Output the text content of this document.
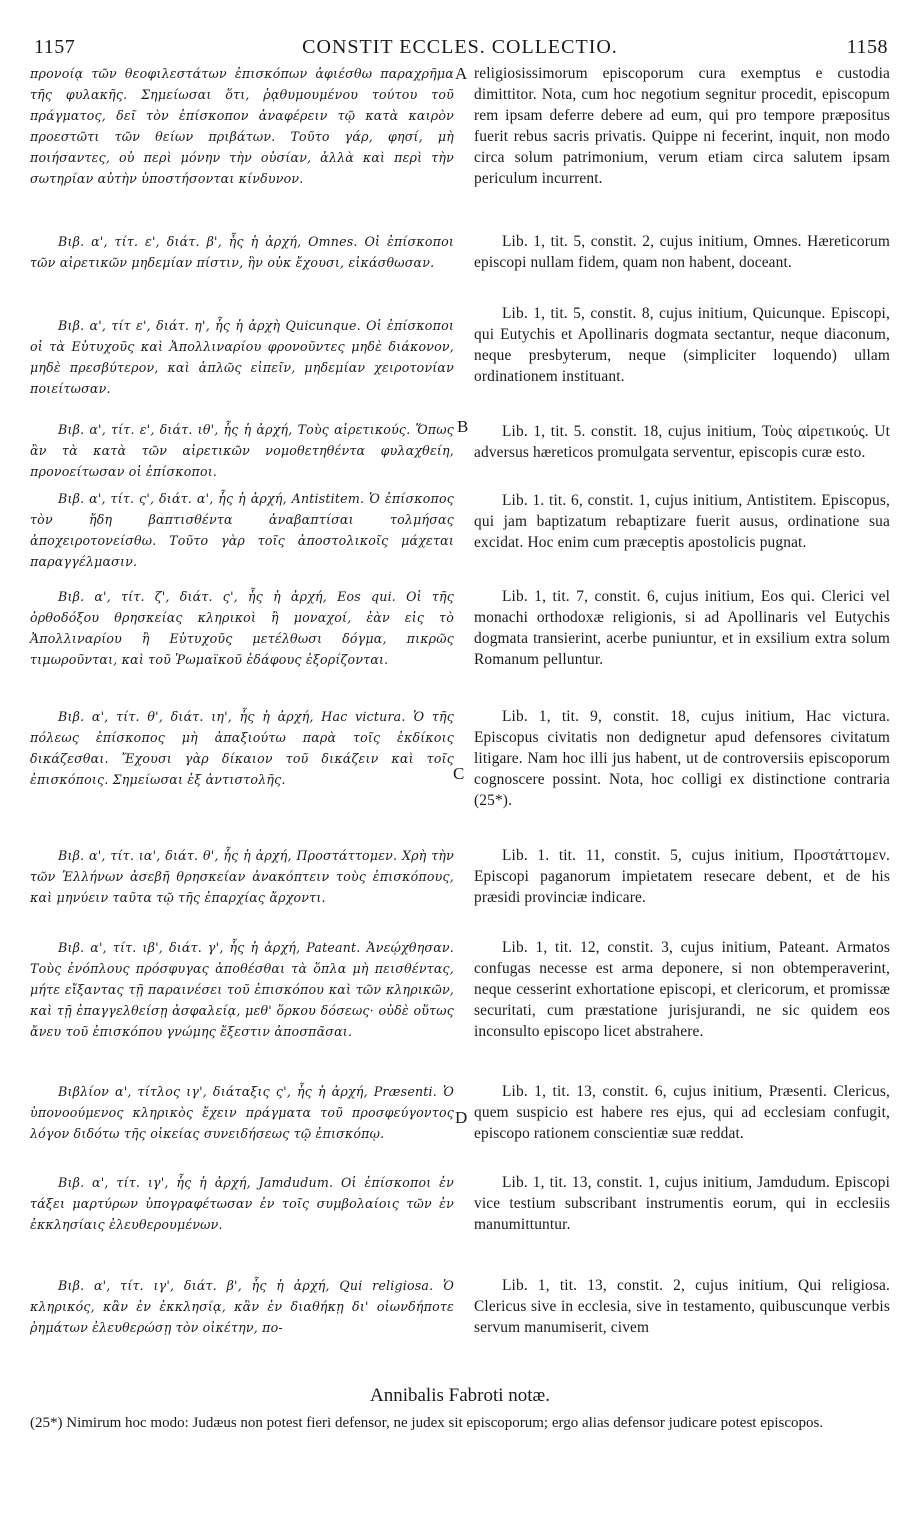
1157	CONSTIT ECCLES. COLLECTIO.	1158

προνοίᾳ τῶν θεοφιλεστάτων ἐπισκόπων ἀφιέσθω παραχρῆμα τῆς φυλακῆς. Σημείωσαι ὅτι, ῥᾳθυμουμένου τούτου τοῦ πράγματος, δεῖ τὸν ἐπίσκοπον ἀναφέρειν τῷ κατὰ καιρὸν προεστῶτι τῶν θείων πριβάτων. Τοῦτο γάρ, φησί, μὴ ποιήσαντες, οὐ περὶ μόνην τὴν οὐσίαν, ἀλλὰ καὶ περὶ τὴν σωτηρίαν αὐτὴν ὑποστήσονται κίνδυνον.

Βιβ. α', τίτ. ε', διάτ. β', ἧς ἡ ἀρχή, Omnes. Οἱ ἐπίσκοποι τῶν αἱρετικῶν μηδεμίαν πίστιν, ἣν οὐκ ἔχουσι, εἰκάσθωσαν.

Βιβ. α', τίτ ε', διάτ. η', ἧς ἡ ἀρχὴ Quicunque. Οἱ ἐπίσκοποι οἱ τὰ Εὐτυχοῦς καὶ Ἀπολλιναρίου φρονοῦντες μηδὲ διάκονον, μηδὲ πρεσβύτερον, καὶ ἁπλῶς εἰπεῖν, μηδεμίαν χειροτονίαν ποιείτωσαν.

Βιβ. α', τίτ. ε', διάτ. ιθ', ἧς ἡ ἀρχή, Τοὺς αἱρετικούς. Ὅπως ἂν τὰ κατὰ τῶν αἱρετικῶν νομοθετηθέντα φυλαχθείη, προνοείτωσαν οἱ ἐπίσκοποι.

Βιβ. α', τίτ. ς', διάτ. α', ἧς ἡ ἀρχή, Antistitem. Ὁ ἐπίσκοπος τὸν ἤδη βαπτισθέντα ἀναβαπτίσαι τολμήσας ἀποχειροτονείσθω. Τοῦτο γὰρ τοῖς ἀποστολικοῖς μάχεται παραγγέλμασιν.

Βιβ. α', τίτ. ζ', διάτ. ς', ἧς ἡ ἀρχή, Eos qui. Οἱ τῆς ὀρθοδόξου θρησκείας κληρικοὶ ἢ μοναχοί, ἐὰν εἰς τὸ Ἀπολλιναρίου ἢ Εὐτυχοῦς μετέλθωσι δόγμα, πικρῶς τιμωροῦνται, καὶ τοῦ Ῥωμαϊκοῦ ἐδάφους ἐξορίζονται.

Βιβ. α', τίτ. θ', διάτ. ιη', ἧς ἡ ἀρχή, Hac victura. Ὁ τῆς πόλεως ἐπίσκοπος μὴ ἀπαξιούτω παρὰ τοῖς ἐκδίκοις δικάζεσθαι. Ἔχουσι γὰρ δίκαιον τοῦ δικάζειν καὶ τοῖς ἐπισκόποις. Σημείωσαι ἐξ ἀντιστολῆς.

Βιβ. α', τίτ. ια', διάτ. θ', ἧς ἡ ἀρχή, Προστάττομεν. Χρὴ τὴν τῶν Ἑλλήνων ἀσεβῆ θρησκείαν ἀνακόπτειν τοὺς ἐπισκόπους, καὶ μηνύειν ταῦτα τῷ τῆς ἐπαρχίας ἄρχοντι.

Βιβ. α', τίτ. ιβ', διάτ. γ', ἧς ἡ ἀρχή, Pateant. Ἀνεῴχθησαν. Τοὺς ἐνόπλους πρόσφυγας ἀποθέσθαι τὰ ὅπλα μὴ πεισθέντας, μήτε εἴξαντας τῇ παραινέσει τοῦ ἐπισκόπου καὶ τῶν κληρικῶν, καὶ τῇ ἐπαγγελθείσῃ ἀσφαλείᾳ, μεθ' ὅρκου δόσεως· οὐδὲ οὕτως ἄνευ τοῦ ἐπισκόπου γνώμης ἔξεστιν ἀποσπᾶσαι.

Βιβλίον α', τίτλος ιγ', διάταξις ς', ἧς ἡ ἀρχή, Præsenti. Ὁ ὑπονοούμενος κληρικὸς ἔχειν πράγματα τοῦ προσφεύγοντος λόγον διδότω τῆς οἰκείας συνειδήσεως τῷ ἐπισκόπῳ.

Βιβ. α', τίτ. ιγ', ἧς ἡ ἀρχή, Jamdudum. Οἱ ἐπίσκοποι ἐν τάξει μαρτύρων ὑπογραφέτωσαν ἐν τοῖς συμβολαίοις τῶν ἐν ἐκκλησίαις ἐλευθερουμένων.

Βιβ. α', τίτ. ιγ', διάτ. β', ἧς ἡ ἀρχή, Qui religiosa. Ὁ κληρικός, κἂν ἐν ἐκκλησίᾳ, κἂν ἐν διαθήκῃ δι' οἱωνδήποτε ῥημάτων ἐλευθερώσῃ τὸν οἰκέτην, πο-

religiosissimorum episcoporum cura exemptus e custodia dimittitor. Nota, cum hoc negotium segnitur procedit, episcopum rem ipsam deferre debere ad eum, qui pro tempore præpositus fuerit rebus sacris privatis. Quippe ni fecerint, inquit, non modo circa solum patrimonium, verum etiam circa salutem ipsam periculum incurrent.

Lib. 1, tit. 5, constit. 2, cujus initium, Omnes. Hæreticorum episcopi nullam fidem, quam non habent, doceant.

Lib. 1, tit. 5, constit. 8, cujus initium, Quicunque. Episcopi, qui Eutychis et Apollinaris dogmata sectantur, neque diaconum, neque presbyterum, neque (simpliciter loquendo) ullam ordinationem instituant.

Lib. 1, tit. 5. constit. 18, cujus initium, Τοὺς αἱρετικούς. Ut adversus hæreticos promulgata serventur, episcopis curæ esto.

Lib. 1. tit. 6, constit. 1, cujus initium, Antistitem. Episcopus, qui jam baptizatum rebaptizare fuerit ausus, ordinatione sua excidat. Hoc enim cum præceptis apostolicis pugnat.

Lib. 1, tit. 7, constit. 6, cujus initium, Eos qui. Clerici vel monachi orthodoxæ religionis, si ad Apollinaris vel Eutychis dogmata transierint, acerbe puniuntur, et in exsilium extra solum Romanum pelluntur.

Lib. 1, tit. 9, constit. 18, cujus initium, Hac victura. Episcopus civitatis non dedignetur apud defensores civitatum litigare. Nam hoc illi jus habent, ut de controversiis episcoporum cognoscere possint. Nota, hoc colligi ex distinctione contraria (25*).

Lib. 1. tit. 11, constit. 5, cujus initium, Προστάττομεν. Episcopi paganorum impietatem resecare debent, et de his præsidi provinciæ indicare.

Lib. 1, tit. 12, constit. 3, cujus initium, Pateant. Armatos confugas necesse est arma deponere, si non obtemperaverint, neque cesserint exhortatione episcopi, et clericorum, et promissæ securitati, cum præstatione jurisjurandi, ne sic quidem eos inconsulto episcopo licet abstrahere.

Lib. 1, tit. 13, constit. 6, cujus initium, Præsenti. Clericus, quem suspicio est habere res ejus, qui ad ecclesiam confugit, episcopo rationem conscientiæ suæ reddat.

Lib. 1, tit. 13, constit. 1, cujus initium, Jamdudum. Episcopi vice testium subscribant instrumentis eorum, qui in ecclesiis manumittuntur.

Lib. 1, tit. 13, constit. 2, cujus initium, Qui religiosa. Clericus sive in ecclesia, sive in testamento, quibuscunque verbis servum manumiserit, civem

A
B
C
D
Annibalis Fabroti notæ.
(25*) Nimirum hoc modo: Judæus non potest fieri defensor, ne judex sit episcoporum; ergo alias defensor judicare potest episcopos.
